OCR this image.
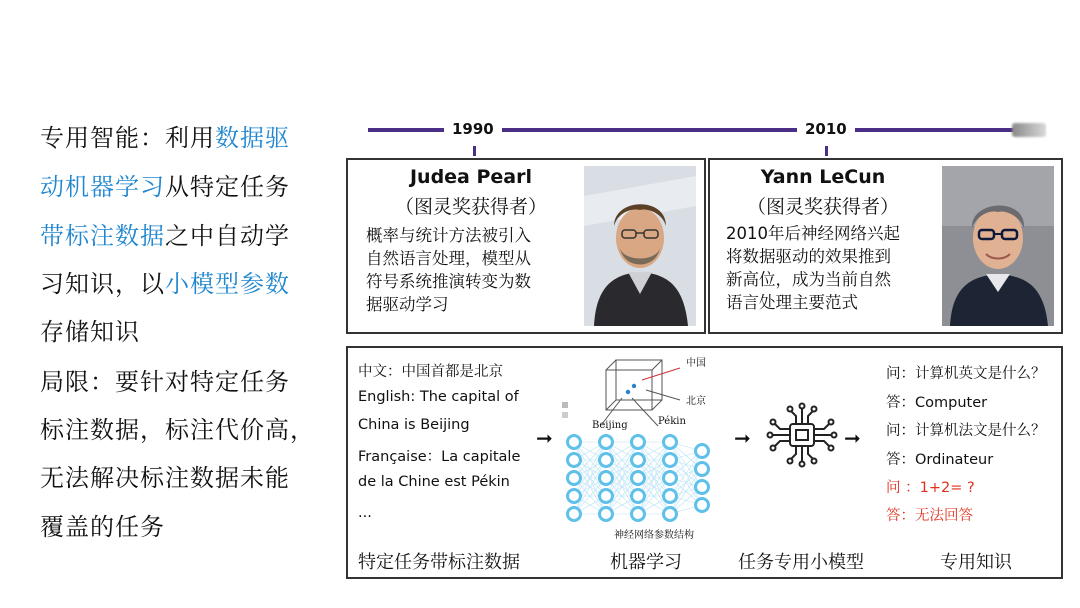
专用智能：利用数据驱
动机器学习从特定任务
带标注数据之中自动学
习知识，以小模型参数
存储知识
局限：要针对特定任务
标注数据，标注代价高，
无法解决标注数据未能
覆盖的任务
1990	2010
Judea Pearl
（图灵奖获得者）
概率与统计方法被引入
自然语言处理，模型从
符号系统推演转变为数
据驱动学习
Yann LeCun
（图灵奖获得者）
2010年后神经网络兴起
将数据驱动的效果推到
新高位，成为当前自然
语言处理主要范式
中文：中国首都是北京
English: The capital of
China is Beijing
Française：La capitale
de la Chine est Pékin
...
➞
中国
北京
Beijing	Pékin
神经网络参数结构
➞	➞
问：计算机英文是什么？
答：Computer
问：计算机法文是什么？
答：Ordinateur
问 ：1+2= ?
答：无法回答
特定任务带标注数据	机器学习	任务专用小模型	专用知识
